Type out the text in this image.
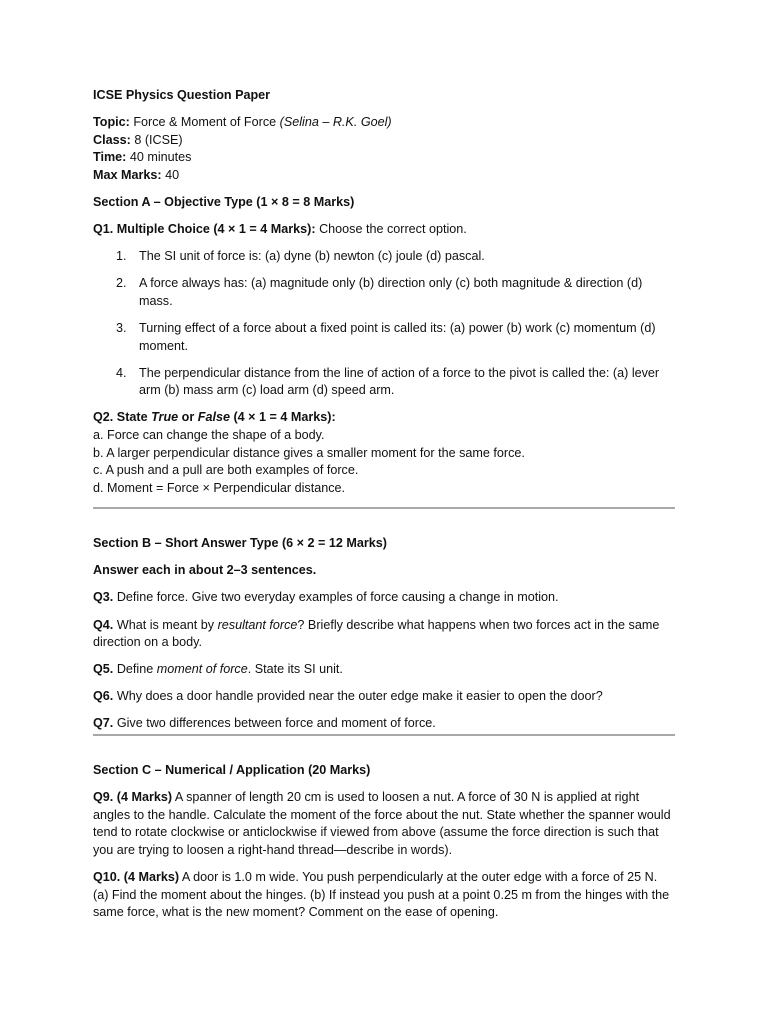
ICSE Physics Question Paper

Topic: Force & Moment of Force (Selina – R.K. Goel)

Class: 8 (ICSE)

Time: 40 minutes

Max Marks: 40

Section A – Objective Type (1 × 8 = 8 Marks)

Q1. Multiple Choice (4 × 1 = 4 Marks): Choose the correct option.

1. The SI unit of force is: (a) dyne (b) newton (c) joule (d) pascal.
2. A force always has: (a) magnitude only (b) direction only (c) both magnitude & direction (d) mass.
3. Turning effect of a force about a fixed point is called its: (a) power (b) work (c) momentum (d) moment.
4. The perpendicular distance from the line of action of a force to the pivot is called the: (a) lever arm (b) mass arm (c) load arm (d) speed arm.

Q2. State True or False (4 × 1 = 4 Marks):

a. Force can change the shape of a body.

b. A larger perpendicular distance gives a smaller moment for the same force.

c. A push and a pull are both examples of force.

d. Moment = Force × Perpendicular distance.

Section B – Short Answer Type (6 × 2 = 12 Marks)

Answer each in about 2–3 sentences.

Q3. Define force. Give two everyday examples of force causing a change in motion.

Q4. What is meant by resultant force? Briefly describe what happens when two forces act in the same direction on a body.

Q5. Define moment of force. State its SI unit.

Q6. Why does a door handle provided near the outer edge make it easier to open the door?

Q7. Give two differences between force and moment of force.

Section C – Numerical / Application (20 Marks)

Q9. (4 Marks) A spanner of length 20 cm is used to loosen a nut. A force of 30 N is applied at right angles to the handle. Calculate the moment of the force about the nut. State whether the spanner would tend to rotate clockwise or anticlockwise if viewed from above (assume the force direction is such that you are trying to loosen a right-hand thread—describe in words).

Q10. (4 Marks) A door is 1.0 m wide. You push perpendicularly at the outer edge with a force of 25 N. (a) Find the moment about the hinges. (b) If instead you push at a point 0.25 m from the hinges with the same force, what is the new moment? Comment on the ease of opening.
